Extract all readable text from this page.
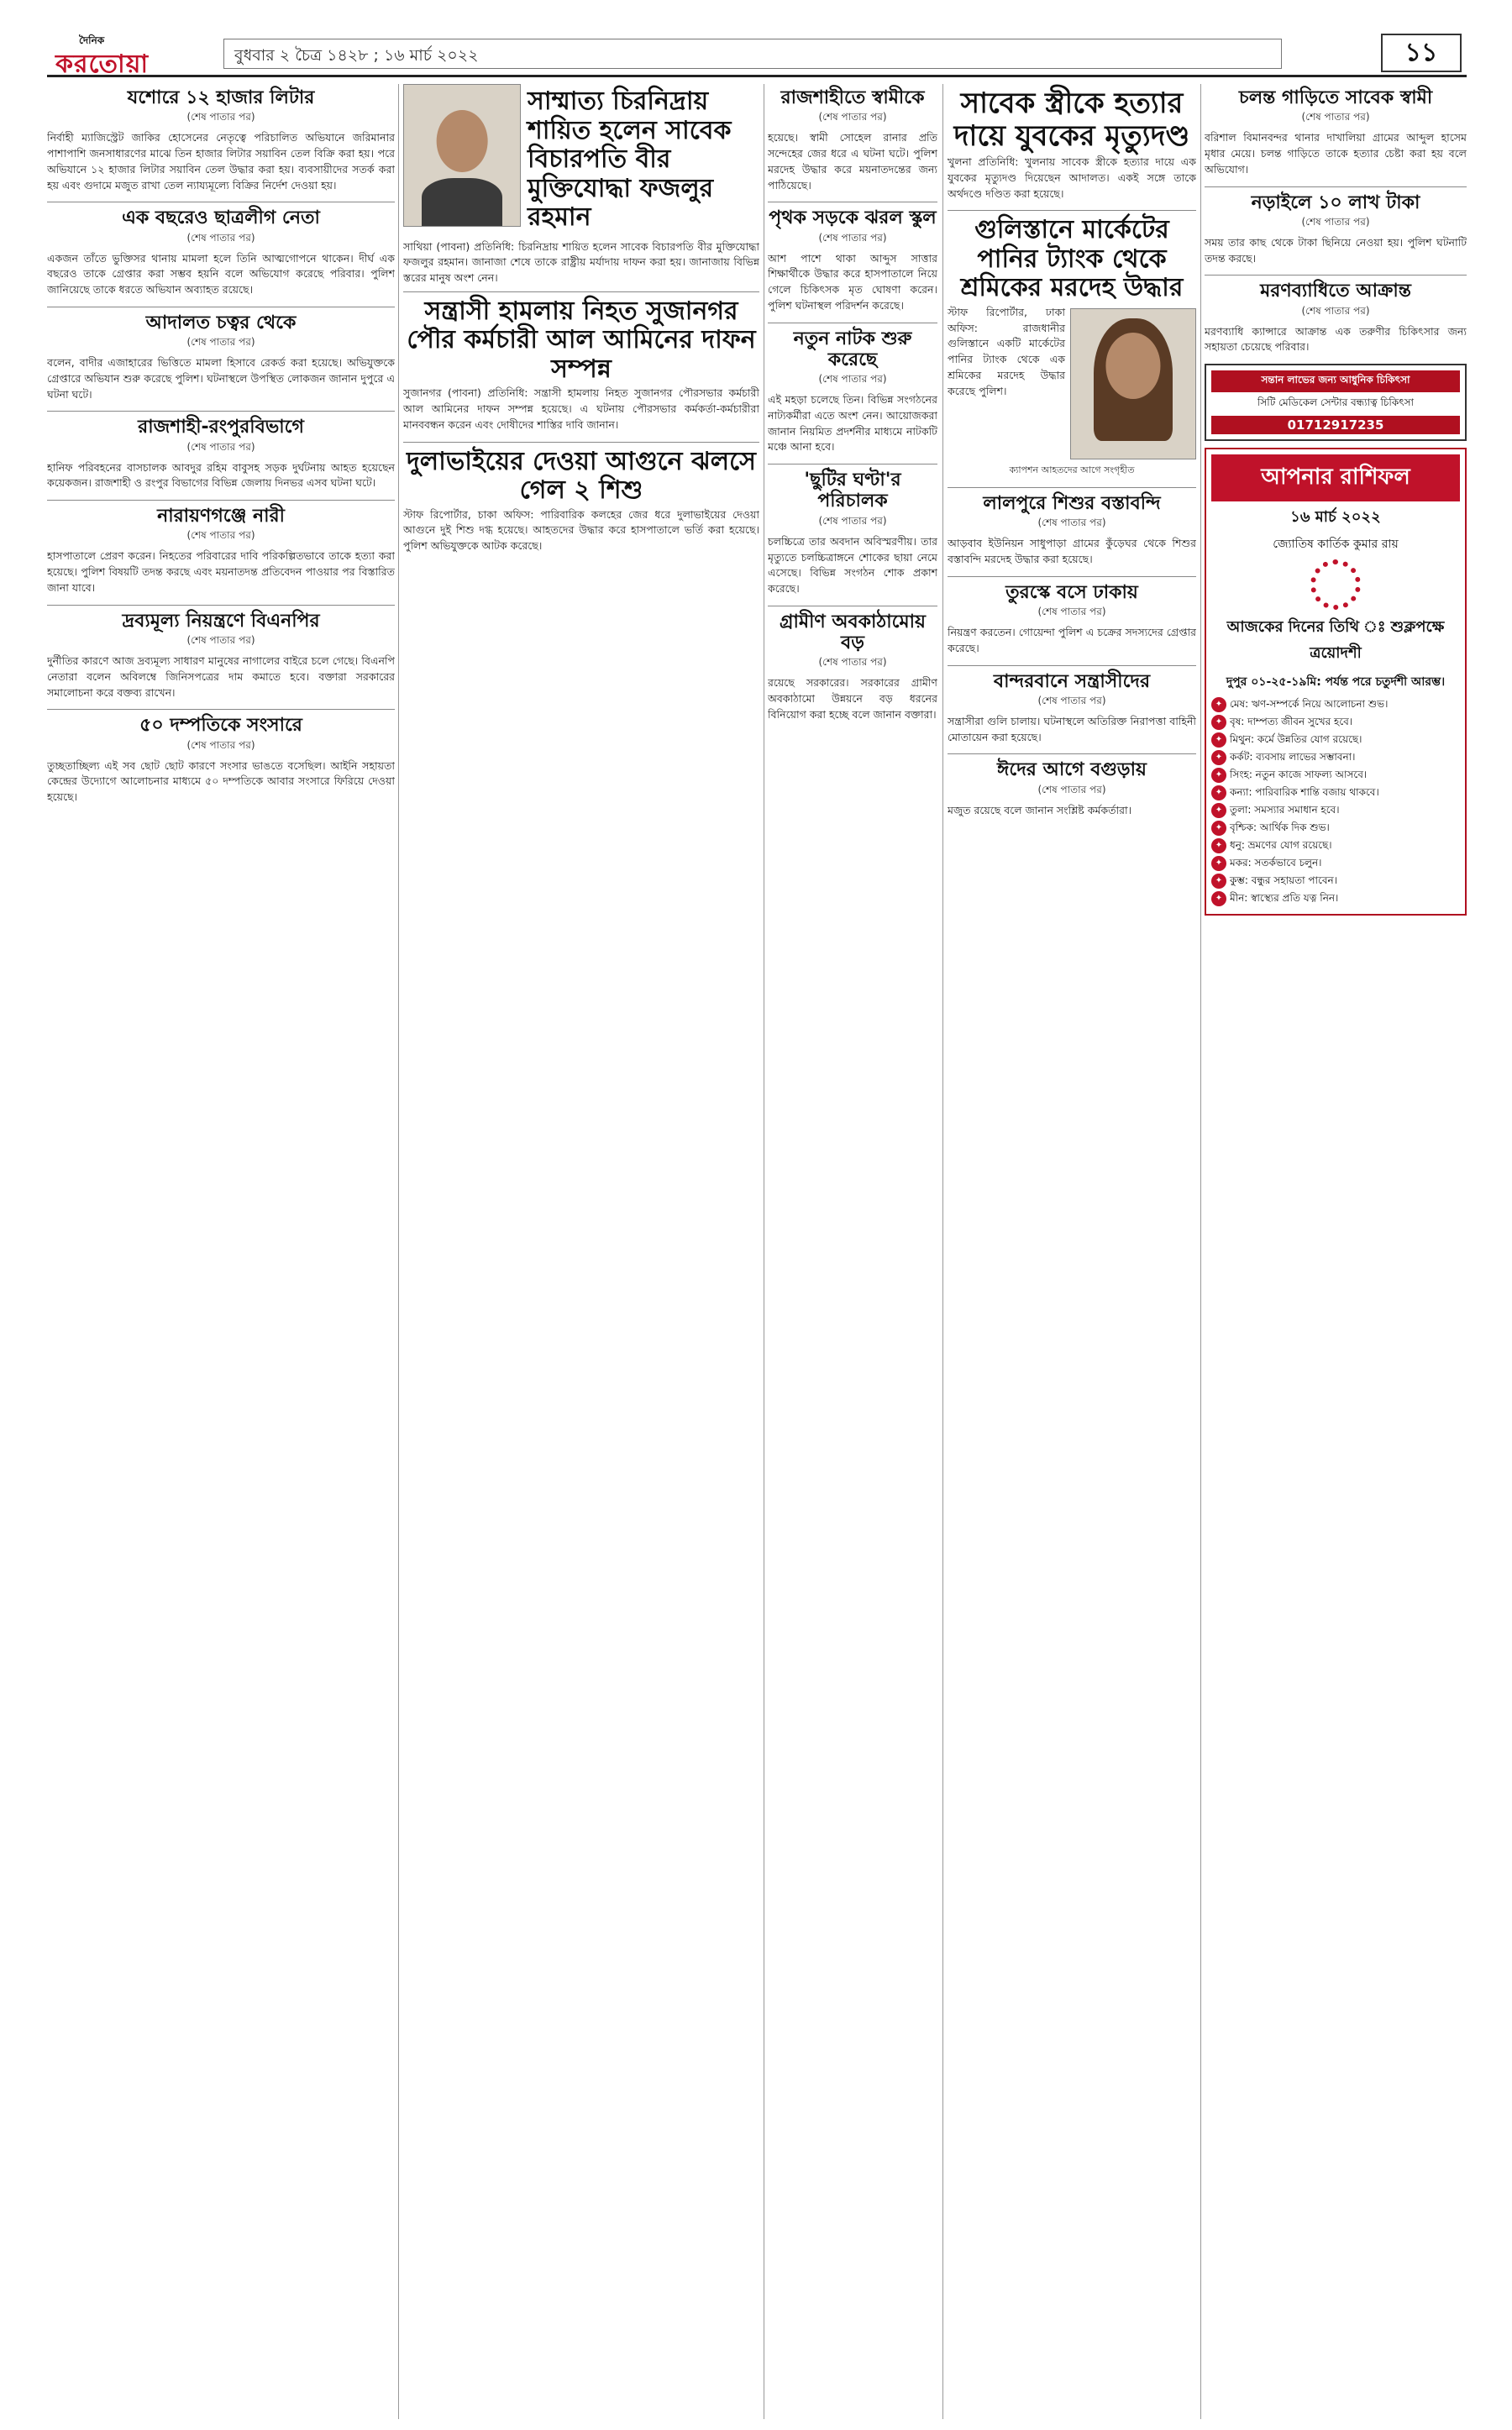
দৈনিক
করতোয়া	বুধবার ২ চৈত্র ১৪২৮ ; ১৬ মার্চ ২০২২	১১
যশোরে ১২ হাজার লিটার
(শেষ পাতার পর)
নির্বাহী ম্যাজিস্ট্রেট জাকির হোসেনের নেতৃত্বে পরিচালিত অভিযানে জরিমানার পাশাপাশি জনসাধারণের মাঝে তিন হাজার লিটার সয়াবিন তেল বিক্রি করা হয়। পরে অভিযানে ১২ হাজার লিটার সয়াবিন তেল উদ্ধার করা হয়। ব্যবসায়ীদের সতর্ক করা হয় এবং গুদামে মজুত রাখা তেল ন্যায্যমূল্যে বিক্রির নির্দেশ দেওয়া হয়।
এক বছরেও ছাত্রলীগ নেতা
(শেষ পাতার পর)
একজন তাঁতে ভুক্তিসর থানায় মামলা হলে তিনি আত্মগোপনে থাকেন। দীর্ঘ এক বছরেও তাকে গ্রেপ্তার করা সম্ভব হয়নি বলে অভিযোগ করেছে পরিবার। পুলিশ জানিয়েছে তাকে ধরতে অভিযান অব্যাহত রয়েছে।
আদালত চত্বর থেকে
(শেষ পাতার পর)
বলেন, বাদীর এজাহারের ভিত্তিতে মামলা হিসাবে রেকর্ড করা হয়েছে। অভিযুক্তকে গ্রেপ্তারে অভিযান শুরু করেছে পুলিশ। ঘটনাস্থলে উপস্থিত লোকজন জানান দুপুরে এ ঘটনা ঘটে।
রাজশাহী-রংপুরবিভাগে
(শেষ পাতার পর)
হানিফ পরিবহনের বাসচালক আবদুর রহিম বাবুসহ সড়ক দুর্ঘটনায় আহত হয়েছেন কয়েকজন। রাজশাহী ও রংপুর বিভাগের বিভিন্ন জেলায় দিনভর এসব ঘটনা ঘটে।
নারায়ণগঞ্জে নারী
(শেষ পাতার পর)
হাসপাতালে প্রেরণ করেন। নিহতের পরিবারের দাবি পরিকল্পিতভাবে তাকে হত্যা করা হয়েছে। পুলিশ বিষয়টি তদন্ত করছে এবং ময়নাতদন্ত প্রতিবেদন পাওয়ার পর বিস্তারিত জানা যাবে।
দ্রব্যমূল্য নিয়ন্ত্রণে বিএনপির
(শেষ পাতার পর)
দুর্নীতির কারণে আজ দ্রব্যমূল্য সাধারণ মানুষের নাগালের বাইরে চলে গেছে। বিএনপি নেতারা বলেন অবিলম্বে জিনিসপত্রের দাম কমাতে হবে। বক্তারা সরকারের সমালোচনা করে বক্তব্য রাখেন।
৫০ দম্পতিকে সংসারে
(শেষ পাতার পর)
তুচ্ছতাচ্ছিল্য এই সব ছোট ছোট কারণে সংসার ভাঙতে বসেছিল। আইনি সহায়তা কেন্দ্রের উদ্যোগে আলোচনার মাধ্যমে ৫০ দম্পতিকে আবার সংসারে ফিরিয়ে দেওয়া হয়েছে।
সাম্মাত্য চিরনিদ্রায় শায়িত হলেন সাবেক বিচারপতি বীর মুক্তিযোদ্ধা ফজলুর রহমান
সাথিয়া (পাবনা) প্রতিনিধি: চিরনিদ্রায় শায়িত হলেন সাবেক বিচারপতি বীর মুক্তিযোদ্ধা ফজলুর রহমান। জানাজা শেষে তাকে রাষ্ট্রীয় মর্যাদায় দাফন করা হয়। জানাজায় বিভিন্ন স্তরের মানুষ অংশ নেন।
সন্ত্রাসী হামলায় নিহত সুজানগর পৌর কর্মচারী আল আমিনের দাফন সম্পন্ন
সুজানগর (পাবনা) প্রতিনিধি: সন্ত্রাসী হামলায় নিহত সুজানগর পৌরসভার কর্মচারী আল আমিনের দাফন সম্পন্ন হয়েছে। এ ঘটনায় পৌরসভার কর্মকর্তা-কর্মচারীরা মানববন্ধন করেন এবং দোষীদের শাস্তির দাবি জানান।
দুলাভাইয়ের দেওয়া আগুনে ঝলসে গেল ২ শিশু
স্টাফ রিপোর্টার, চাকা অফিস: পারিবারিক কলহের জের ধরে দুলাভাইয়ের দেওয়া আগুনে দুই শিশু দগ্ধ হয়েছে। আহতদের উদ্ধার করে হাসপাতালে ভর্তি করা হয়েছে। পুলিশ অভিযুক্তকে আটক করেছে।
রাজশাহীতে স্বামীকে
(শেষ পাতার পর)
হয়েছে। স্বামী সোহেল রানার প্রতি সন্দেহের জের ধরে এ ঘটনা ঘটে। পুলিশ মরদেহ উদ্ধার করে ময়নাতদন্তের জন্য পাঠিয়েছে।
পৃথক সড়কে ঝরল স্কুল
(শেষ পাতার পর)
আশ পাশে থাকা আব্দুস সাত্তার শিক্ষার্থীকে উদ্ধার করে হাসপাতালে নিয়ে গেলে চিকিৎসক মৃত ঘোষণা করেন। পুলিশ ঘটনাস্থল পরিদর্শন করেছে।
নতুন নাটক শুরু করেছে
(শেষ পাতার পর)
এই মহড়া চলেছে তিন। বিভিন্ন সংগঠনের নাট্যকর্মীরা এতে অংশ নেন। আয়োজকরা জানান নিয়মিত প্রদর্শনীর মাধ্যমে নাটকটি মঞ্চে আনা হবে।
'ছুটির ঘণ্টা'র পরিচালক
(শেষ পাতার পর)
চলচ্চিত্রে তার অবদান অবিস্মরণীয়। তার মৃত্যুতে চলচ্চিত্রাঙ্গনে শোকের ছায়া নেমে এসেছে। বিভিন্ন সংগঠন শোক প্রকাশ করেছে।
গ্রামীণ অবকাঠামোয় বড়
(শেষ পাতার পর)
রয়েছে সরকারের। সরকারের গ্রামীণ অবকাঠামো উন্নয়নে বড় ধরনের বিনিয়োগ করা হচ্ছে বলে জানান বক্তারা।
সাবেক স্ত্রীকে হত্যার দায়ে যুবকের মৃত্যুদণ্ড
খুলনা প্রতিনিধি: খুলনায় সাবেক স্ত্রীকে হত্যার দায়ে এক যুবকের মৃত্যুদণ্ড দিয়েছেন আদালত। একই সঙ্গে তাকে অর্থদণ্ডে দণ্ডিত করা হয়েছে।
গুলিস্তানে মার্কেটের পানির ট্যাংক থেকে শ্রমিকের মরদেহ উদ্ধার
স্টাফ রিপোর্টার, ঢাকা অফিস: রাজধানীর গুলিস্তানে একটি মার্কেটের পানির ট্যাংক থেকে এক শ্রমিকের মরদেহ উদ্ধার করেছে পুলিশ।
ক্যাপশন আহতদের আগে সংগৃহীত
লালপুরে শিশুর বস্তাবন্দি
(শেষ পাতার পর)
আড়বাব ইউনিয়ন সাধুপাড়া গ্রামের কুঁড়েঘর থেকে শিশুর বস্তাবন্দি মরদেহ উদ্ধার করা হয়েছে।
তুরস্কে বসে ঢাকায়
(শেষ পাতার পর)
নিয়ন্ত্রণ করতেন। গোয়েন্দা পুলিশ এ চক্রের সদস্যদের গ্রেপ্তার করেছে।
বান্দরবানে সন্ত্রাসীদের
(শেষ পাতার পর)
সন্ত্রাসীরা গুলি চালায়। ঘটনাস্থলে অতিরিক্ত নিরাপত্তা বাহিনী মোতায়েন করা হয়েছে।
ঈদের আগে বগুড়ায়
(শেষ পাতার পর)
মজুত রয়েছে বলে জানান সংশ্লিষ্ট কর্মকর্তারা।
চলন্ত গাড়িতে সাবেক স্বামী
(শেষ পাতার পর)
বরিশাল বিমানবন্দর থানার দাখালিয়া গ্রামের আব্দুল হাসেম মৃধার মেয়ে। চলন্ত গাড়িতে তাকে হত্যার চেষ্টা করা হয় বলে অভিযোগ।
নড়াইলে ১০ লাখ টাকা
(শেষ পাতার পর)
সময় তার কাছ থেকে টাকা ছিনিয়ে নেওয়া হয়। পুলিশ ঘটনাটি তদন্ত করছে।
মরণব্যাধিতে আক্রান্ত
(শেষ পাতার পর)
মরণব্যাধি ক্যান্সারে আক্রান্ত এক তরুণীর চিকিৎসার জন্য সহায়তা চেয়েছে পরিবার।
সন্তান লাভের জন্য আধুনিক চিকিৎসা
সিটি মেডিকেল সেন্টার বন্ধ্যাত্ব চিকিৎসা
01712917235
আপনার রাশিফল
১৬ মার্চ ২০২২
জ্যোতিষ কার্তিক কুমার রায়
আজকের দিনের তিথি ঃ শুক্লপক্ষে ত্রয়োদশী
দুপুর ০১-২৫-১৯মি: পর্যন্ত পরে চতুর্দশী আরম্ভ।
✦ মেষ: ঋণ-সম্পর্কে নিয়ে আলোচনা শুভ।
✦ বৃষ: দাম্পত্য জীবন সুখের হবে।
✦ মিথুন: কর্মে উন্নতির যোগ রয়েছে।
✦ কর্কট: ব্যবসায় লাভের সম্ভাবনা।
✦ সিংহ: নতুন কাজে সাফল্য আসবে।
✦ কন্যা: পারিবারিক শান্তি বজায় থাকবে।
✦ তুলা: সমস্যার সমাধান হবে।
✦ বৃশ্চিক: আর্থিক দিক শুভ।
✦ ধনু: ভ্রমণের যোগ রয়েছে।
✦ মকর: সতর্কভাবে চলুন।
✦ কুম্ভ: বন্ধুর সহায়তা পাবেন।
✦ মীন: স্বাস্থ্যের প্রতি যত্ন নিন।
